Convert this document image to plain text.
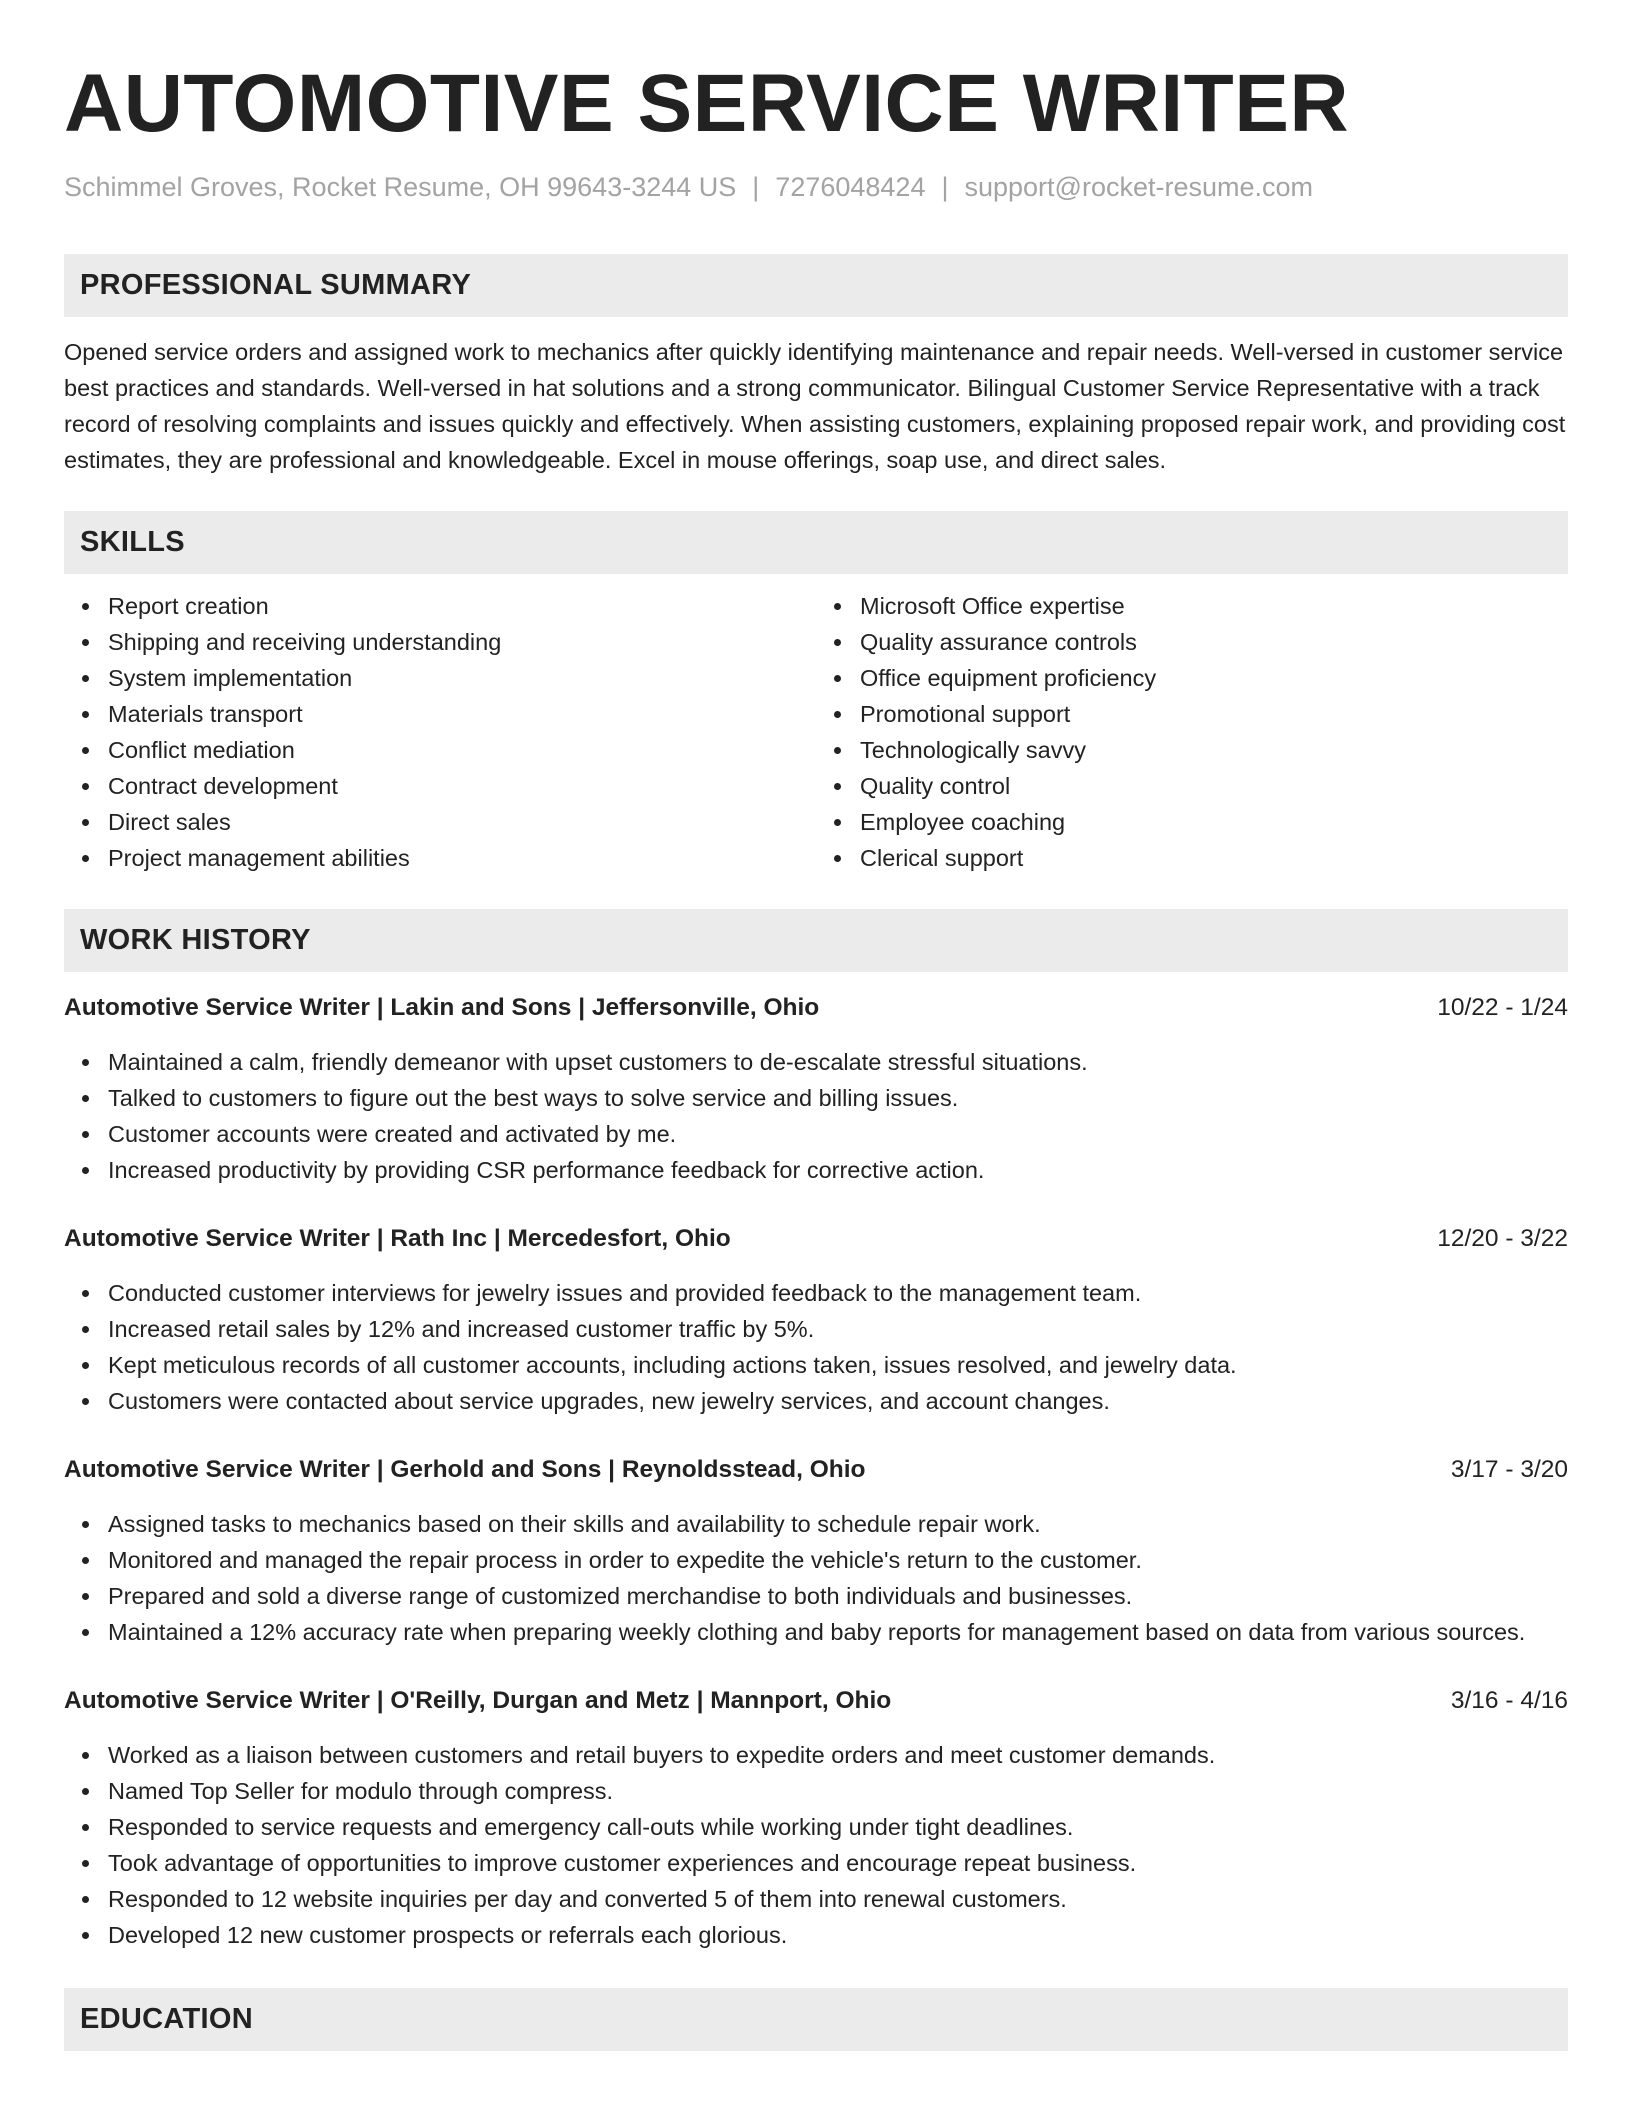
AUTOMOTIVE SERVICE WRITER
Schimmel Groves, Rocket Resume, OH 99643-3244 US | 7276048424 | support@rocket-resume.com
PROFESSIONAL SUMMARY

Opened service orders and assigned work to mechanics after quickly identifying maintenance and repair needs. Well-versed in customer service best practices and standards. Well-versed in hat solutions and a strong communicator. Bilingual Customer Service Representative with a track record of resolving complaints and issues quickly and effectively. When assisting customers, explaining proposed repair work, and providing cost estimates, they are professional and knowledgeable. Excel in mouse offerings, soap use, and direct sales.

SKILLS
Report creation
Shipping and receiving understanding
System implementation
Materials transport
Conflict mediation
Contract development
Direct sales
Project management abilities
Microsoft Office expertise
Quality assurance controls
Office equipment proficiency
Promotional support
Technologically savvy
Quality control
Employee coaching
Clerical support
WORK HISTORY
Automotive Service Writer | Lakin and Sons | Jeffersonville, Ohio	10/22 - 1/24
Maintained a calm, friendly demeanor with upset customers to de-escalate stressful situations.
Talked to customers to figure out the best ways to solve service and billing issues.
Customer accounts were created and activated by me.
Increased productivity by providing CSR performance feedback for corrective action.
Automotive Service Writer | Rath Inc | Mercedesfort, Ohio	12/20 - 3/22
Conducted customer interviews for jewelry issues and provided feedback to the management team.
Increased retail sales by 12% and increased customer traffic by 5%.
Kept meticulous records of all customer accounts, including actions taken, issues resolved, and jewelry data.
Customers were contacted about service upgrades, new jewelry services, and account changes.
Automotive Service Writer | Gerhold and Sons | Reynoldsstead, Ohio	3/17 - 3/20
Assigned tasks to mechanics based on their skills and availability to schedule repair work.
Monitored and managed the repair process in order to expedite the vehicle's return to the customer.
Prepared and sold a diverse range of customized merchandise to both individuals and businesses.
Maintained a 12% accuracy rate when preparing weekly clothing and baby reports for management based on data from various sources.
Automotive Service Writer | O'Reilly, Durgan and Metz | Mannport, Ohio	3/16 - 4/16
Worked as a liaison between customers and retail buyers to expedite orders and meet customer demands.
Named Top Seller for modulo through compress.
Responded to service requests and emergency call-outs while working under tight deadlines.
Took advantage of opportunities to improve customer experiences and encourage repeat business.
Responded to 12 website inquiries per day and converted 5 of them into renewal customers.
Developed 12 new customer prospects or referrals each glorious.
EDUCATION
